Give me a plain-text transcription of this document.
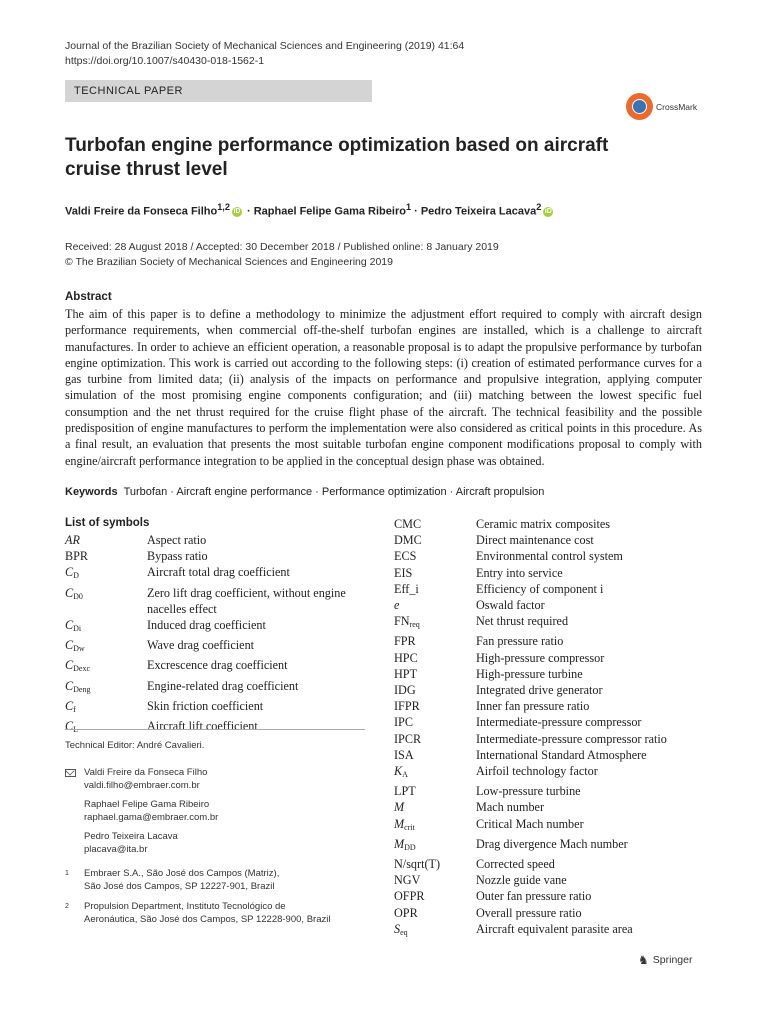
Journal of the Brazilian Society of Mechanical Sciences and Engineering (2019) 41:64
https://doi.org/10.1007/s40430-018-1562-1
TECHNICAL PAPER
CrossMark
Turbofan engine performance optimization based on aircraft cruise thrust level
Valdi Freire da Fonseca Filho$^{1,2}$ iD · Raphael Felipe Gama Ribeiro$^1$ · Pedro Teixeira Lacava$^2$ iD
Received: 28 August 2018 / Accepted: 30 December 2018 / Published online: 8 January 2019
© The Brazilian Society of Mechanical Sciences and Engineering 2019
Abstract
The aim of this paper is to define a methodology to minimize the adjustment effort required to comply with aircraft design performance requirements, when commercial off-the-shelf turbofan engines are installed, which is a challenge to aircraft manufactures. In order to achieve an efficient operation, a reasonable proposal is to adapt the propulsive performance by turbofan engine optimization. This work is carried out according to the following steps: (i) creation of estimated performance curves for a gas turbine from limited data; (ii) analysis of the impacts on performance and propulsive integration, applying computer simulation of the most promising engine components configuration; and (iii) matching between the lowest specific fuel consumption and the net thrust required for the cruise flight phase of the aircraft. The technical feasibility and the possible predisposition of engine manufactures to perform the implementation were also considered as critical points in this procedure. As a final result, an evaluation that presents the most suitable turbofan engine component modifications proposal to comply with engine/aircraft performance integration to be applied in the conceptual design phase was obtained.
Keywords Turbofan · Aircraft engine performance · Performance optimization · Aircraft propulsion
List of symbols
AR	Aspect ratio
BPR	Bypass ratio
$C_D$	Aircraft total drag coefficient
$C_{D0}$	Zero lift drag coefficient, without engine nacelles effect
$C_{Di}$	Induced drag coefficient
$C_{Dw}$	Wave drag coefficient
$C_{Dexc}$	Excrescence drag coefficient
$C_{Deng}$	Engine-related drag coefficient
$C_f$	Skin friction coefficient
$C_L$	Aircraft lift coefficient
CMC	Ceramic matrix composites
DMC	Direct maintenance cost
ECS	Environmental control system
EIS	Entry into service
Eff_i	Efficiency of component i
e	Oswald factor
$FN_{req}$	Net thrust required
FPR	Fan pressure ratio
HPC	High-pressure compressor
HPT	High-pressure turbine
IDG	Integrated drive generator
IFPR	Inner fan pressure ratio
IPC	Intermediate-pressure compressor
IPCR	Intermediate-pressure compressor ratio
ISA	International Standard Atmosphere
$K_A$	Airfoil technology factor
LPT	Low-pressure turbine
M	Mach number
$M_{crit}$	Critical Mach number
$M_{DD}$	Drag divergence Mach number
N/sqrt(T)	Corrected speed
NGV	Nozzle guide vane
OFPR	Outer fan pressure ratio
OPR	Overall pressure ratio
$S_{eq}$	Aircraft equivalent parasite area
Technical Editor: André Cavalieri.
Valdi Freire da Fonseca Filho
valdi.filho@embraer.com.br
Raphael Felipe Gama Ribeiro
raphael.gama@embraer.com.br
Pedro Teixeira Lacava
placava@ita.br
1	Embraer S.A., São José dos Campos (Matriz),
São José dos Campos, SP 12227-901, Brazil
2	Propulsion Department, Instituto Tecnológico de
Aeronáutica, São José dos Campos, SP 12228-900, Brazil
♞ Springer
